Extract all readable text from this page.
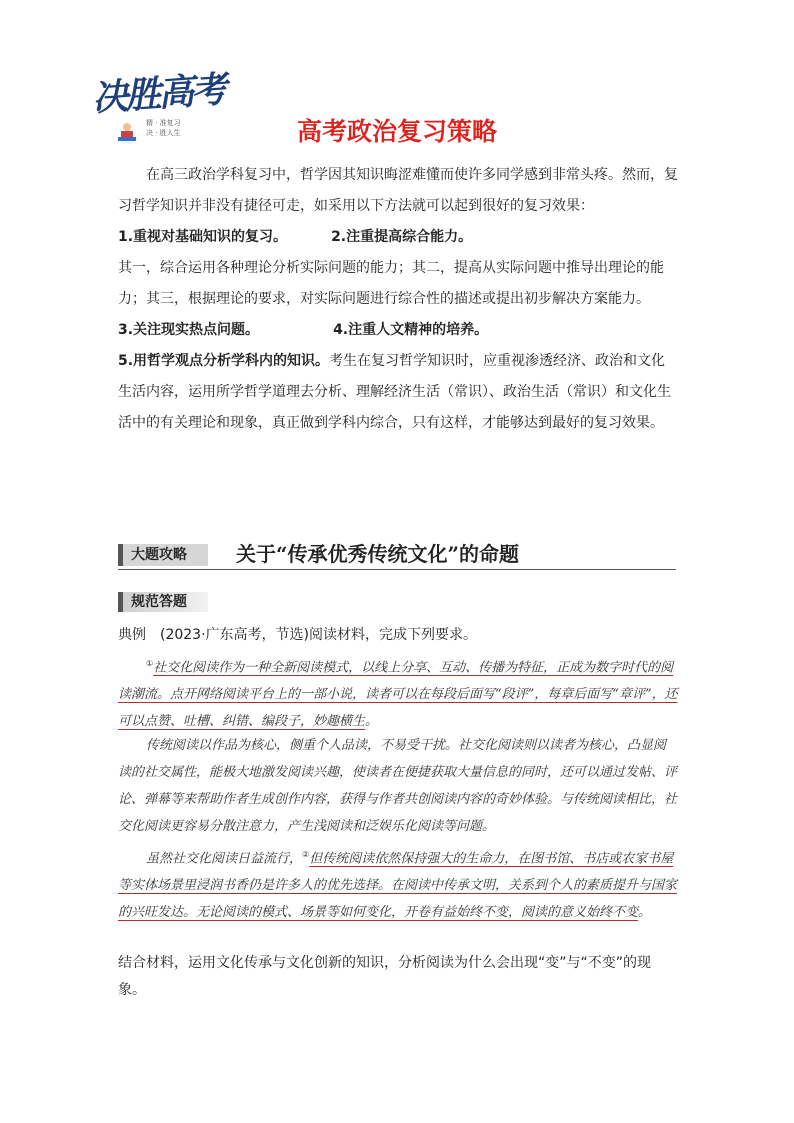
决胜高考
精 · 准复习
决 · 胜人生	高考政治复习策略
在高三政治学科复习中，哲学因其知识晦涩难懂而使许多同学感到非常头疼。然而，复习哲学知识并非没有捷径可走，如采用以下方法就可以起到很好的复习效果：
1.重视对基础知识的复习。	2.注重提高综合能力。
其一，综合运用各种理论分析实际问题的能力；其二，提高从实际问题中推导出理论的能力；其三，根据理论的要求，对实际问题进行综合性的描述或提出初步解决方案能力。
3.关注现实热点问题。	4.注重人文精神的培养。
5.用哲学观点分析学科内的知识。考生在复习哲学知识时，应重视渗透经济、政治和文化生活内容，运用所学哲学道理去分析、理解经济生活（常识）、政治生活（常识）和文化生活中的有关理论和现象，真正做到学科内综合，只有这样，才能够达到最好的复习效果。
大题攻略	关于“传承优秀传统文化”的命题
规范答题
典例　(2023·广东高考，节选)阅读材料，完成下列要求。
①社交化阅读作为一种全新阅读模式，以线上分享、互动、传播为特征，正成为数字时代的阅读潮流。点开网络阅读平台上的一部小说，读者可以在每段后面写“段评”，每章后面写“章评”，还可以点赞、吐槽、纠错、编段子，妙趣横生。
传统阅读以作品为核心，侧重个人品读，不易受干扰。社交化阅读则以读者为核心，凸显阅读的社交属性，能极大地激发阅读兴趣，使读者在便捷获取大量信息的同时，还可以通过发帖、评论、弹幕等来帮助作者生成创作内容，获得与作者共创阅读内容的奇妙体验。与传统阅读相比，社交化阅读更容易分散注意力，产生浅阅读和泛娱乐化阅读等问题。
虽然社交化阅读日益流行，②但传统阅读依然保持强大的生命力，在图书馆、书店或农家书屋等实体场景里浸润书香仍是许多人的优先选择。在阅读中传承文明，关系到个人的素质提升与国家的兴旺发达。无论阅读的模式、场景等如何变化，开卷有益始终不变，阅读的意义始终不变。
结合材料，运用文化传承与文化创新的知识，分析阅读为什么会出现“变”与“不变”的现象。
